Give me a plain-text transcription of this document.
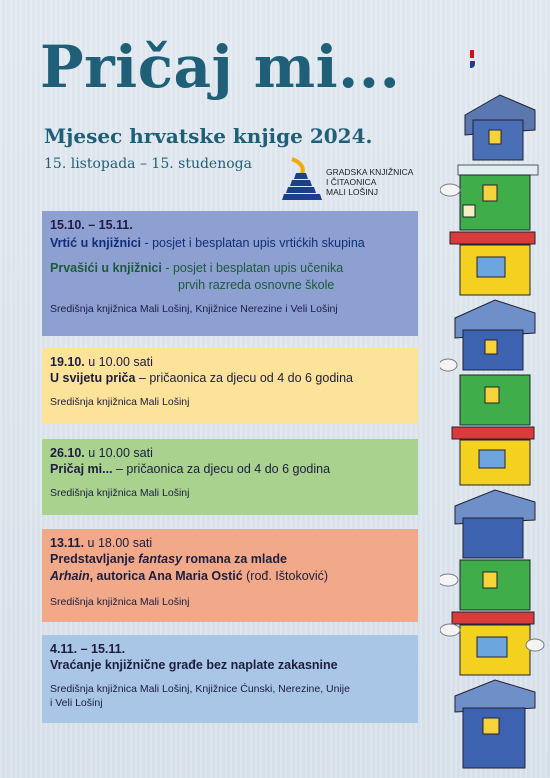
Pričaj mi...
Mjesec hrvatske knjige 2024.
15. listopada – 15. studenoga
	GRADSKA KNJIŽNICA
I ČITAONICA
MALI LOŠINJ
15.10. – 15.11.
Vrtić u knjižnici - posjet i besplatan upis vrtićkih skupina
Prvašići u knjižnici - posjet i besplatan upis učenika
prvih razreda osnovne škole
Središnja knjižnica Mali Lošinj, Knjižnice Nerezine i Veli Lošinj
19.10. u 10.00 sati
U svijetu priča – pričaonica za djecu od 4 do 6 godina
Središnja knjižnica Mali Lošinj
26.10. u 10.00 sati
Pričaj mi... – pričaonica za djecu od 4 do 6 godina
Središnja knjižnica Mali Lošinj
13.11. u 18.00 sati
Predstavljanje fantasy romana za mlade
Arhain, autorica Ana Maria Ostić (rođ. Ištoković)
Središnja knjižnica Mali Lošinj
4.11. – 15.11.
Vraćanje knjižnične građe bez naplate zakasnine
Središnja knjižnica Mali Lošinj, Knjižnice Ćunski, Nerezine, Unije
i Veli Lošinj
